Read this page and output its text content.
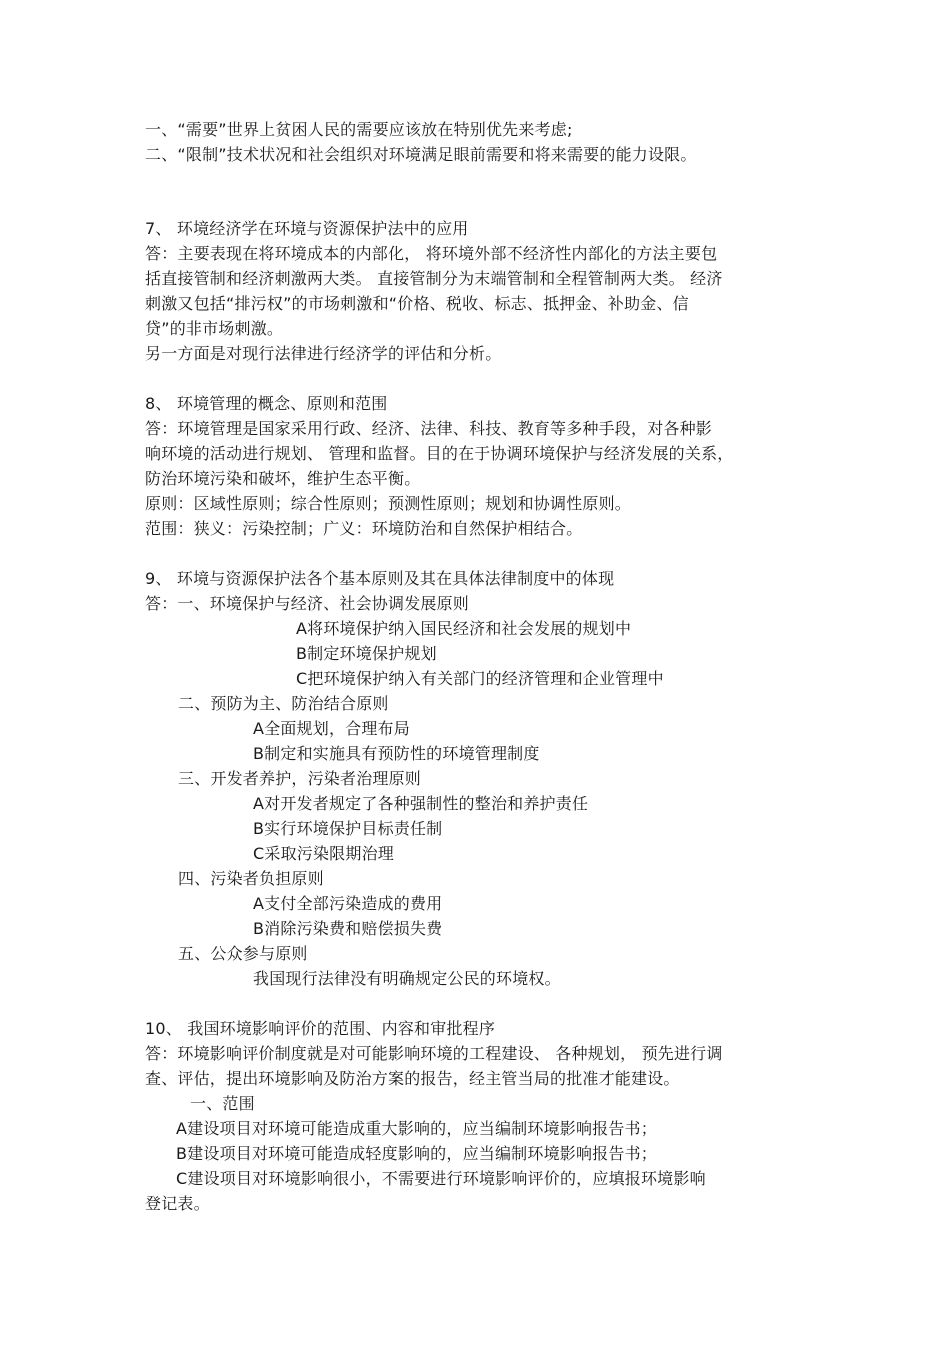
一、“需要”世界上贫困人民的需要应该放在特别优先来考虑;
二、“限制”技术状况和社会组织对环境满足眼前需要和将来需要的能力设限。
7、 环境经济学在环境与资源保护法中的应用
答：主要表现在将环境成本的内部化， 将环境外部不经济性内部化的方法主要包
括直接管制和经济刺激两大类。 直接管制分为末端管制和全程管制两大类。 经济
刺激又包括“排污权”的市场刺激和“价格、税收、标志、抵押金、补助金、信
贷”的非市场刺激。
另一方面是对现行法律进行经济学的评估和分析。
8、 环境管理的概念、原则和范围
答：环境管理是国家采用行政、经济、法律、科技、教育等多种手段，对各种影
响环境的活动进行规划、 管理和监督。目的在于协调环境保护与经济发展的关系，
防治环境污染和破坏，维护生态平衡。
原则：区域性原则；综合性原则；预测性原则；规划和协调性原则。
范围：狭义：污染控制；广义：环境防治和自然保护相结合。
9、 环境与资源保护法各个基本原则及其在具体法律制度中的体现
答：一、环境保护与经济、社会协调发展原则
A将环境保护纳入国民经济和社会发展的规划中
B制定环境保护规划
C把环境保护纳入有关部门的经济管理和企业管理中
二、预防为主、防治结合原则
A全面规划，合理布局
B制定和实施具有预防性的环境管理制度
三、开发者养护，污染者治理原则
A对开发者规定了各种强制性的整治和养护责任
B实行环境保护目标责任制
C采取污染限期治理
四、污染者负担原则
A支付全部污染造成的费用
B消除污染费和赔偿损失费
五、公众参与原则
我国现行法律没有明确规定公民的环境权。
10、 我国环境影响评价的范围、内容和审批程序
答：环境影响评价制度就是对可能影响环境的工程建设、 各种规划， 预先进行调
查、评估，提出环境影响及防治方案的报告，经主管当局的批准才能建设。
一、范围
A建设项目对环境可能造成重大影响的，应当编制环境影响报告书；
B建设项目对环境可能造成轻度影响的，应当编制环境影响报告书；
C建设项目对环境影响很小，不需要进行环境影响评价的，应填报环境影响
登记表。
